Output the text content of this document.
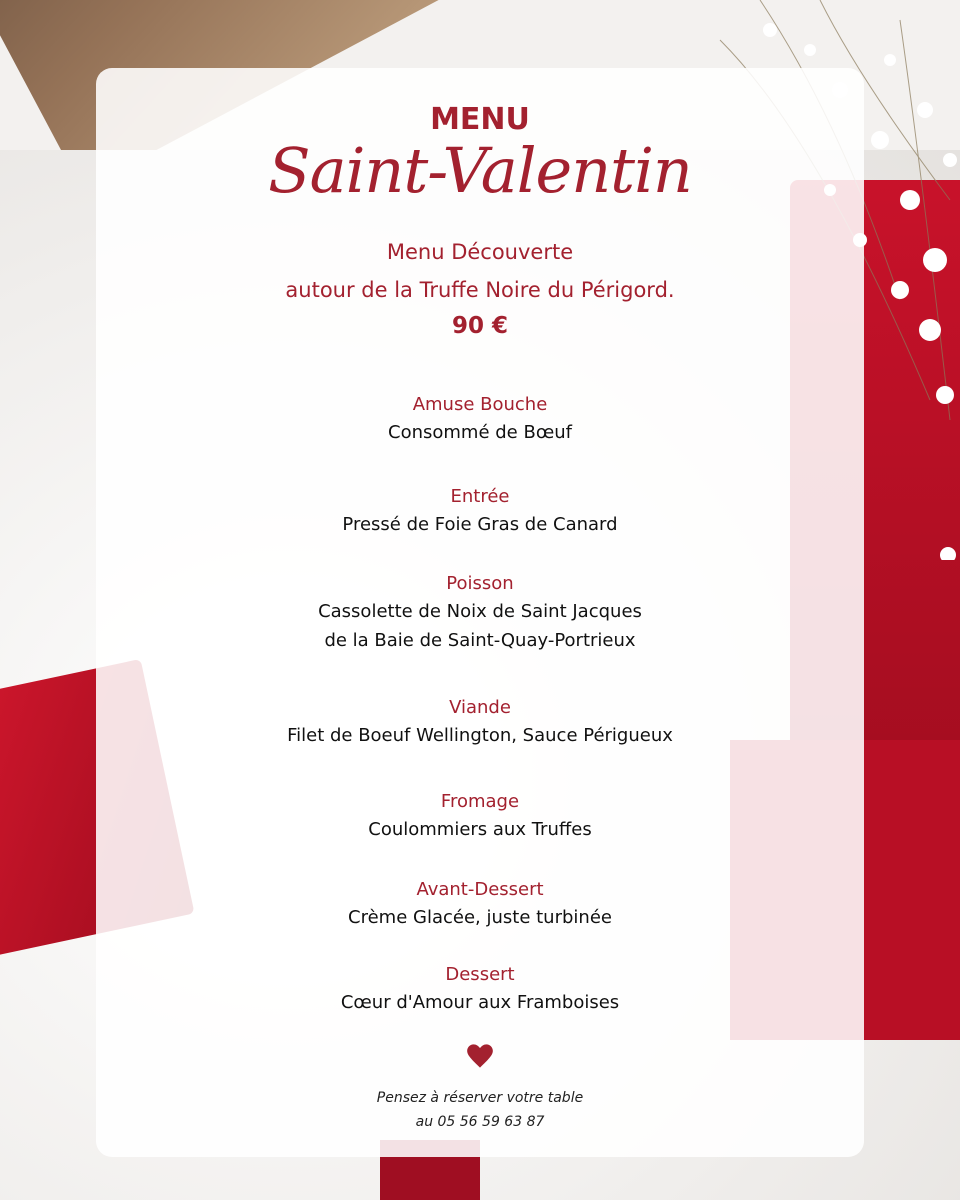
MENU
Saint-Valentin
Menu Découverte
autour de la Truffe Noire du Périgord.
90 €
Amuse Bouche
Consommé de Bœuf
Entrée
Pressé de Foie Gras de Canard
Poisson
Cassolette de Noix de Saint Jacques
de la Baie de Saint-Quay-Portrieux
Viande
Filet de Boeuf Wellington, Sauce Périgueux
Fromage
Coulommiers aux Truffes
Avant-Dessert
Crème Glacée, juste turbinée
Dessert
Cœur d'Amour aux Framboises
Pensez à réserver votre table
au 05 56 59 63 87
